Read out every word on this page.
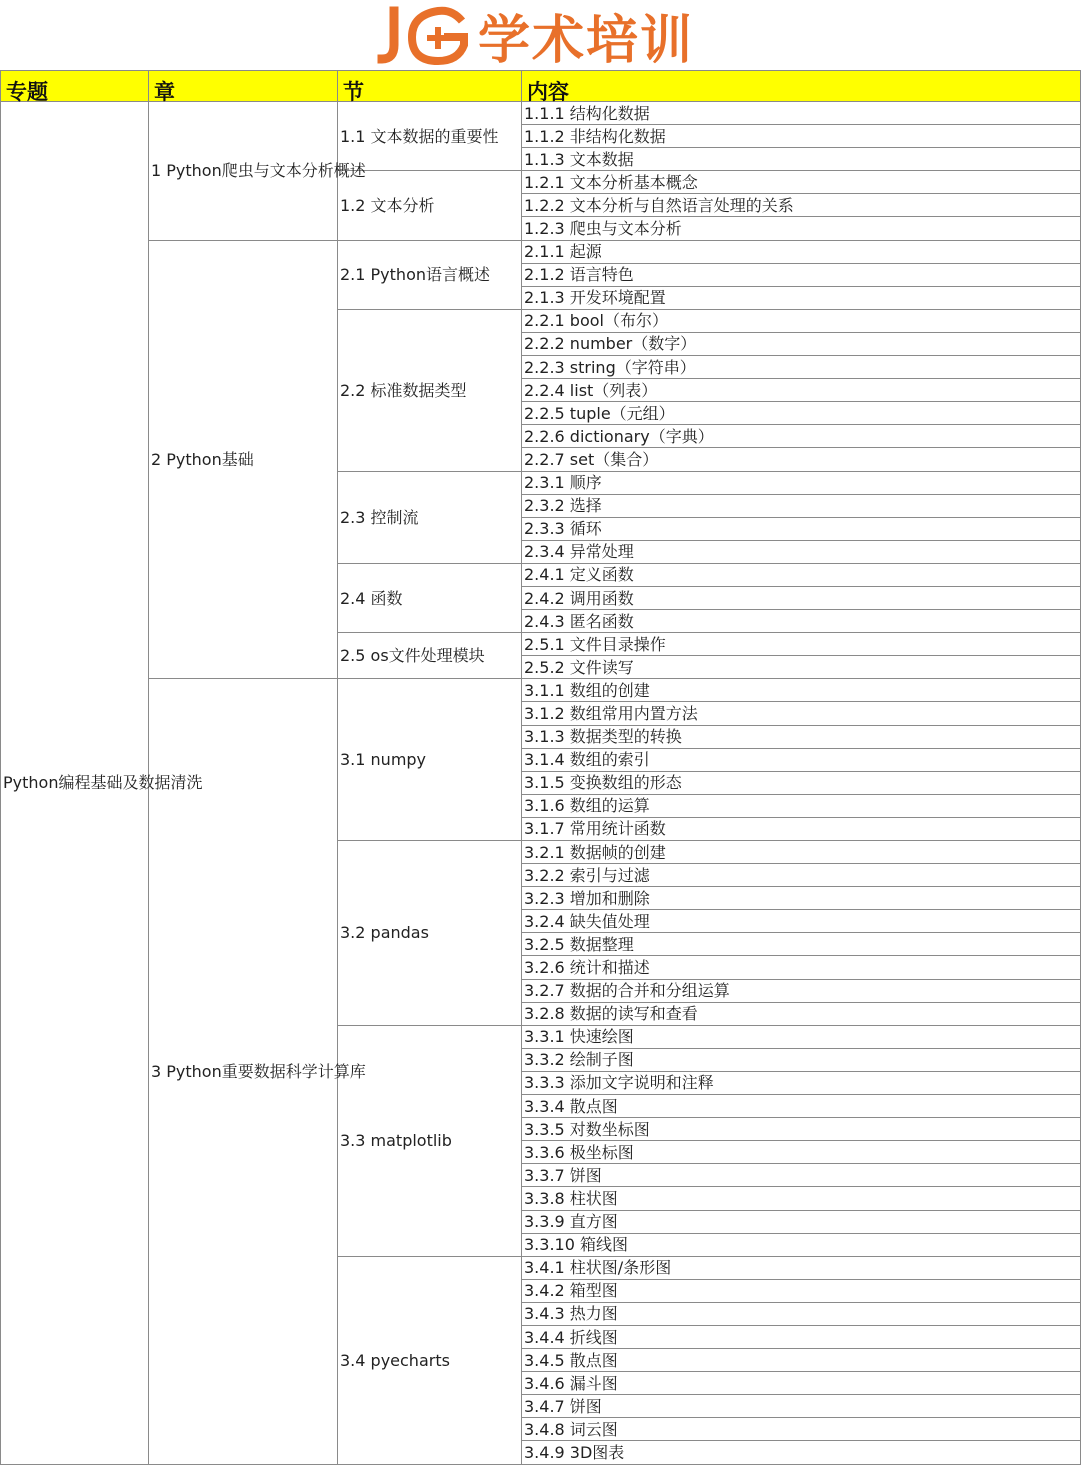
学术培训
专题	章	节	内容
Python编程基础及数据清洗	1 Python爬虫与文本分析概述	1.1 文本数据的重要性	1.1.1 结构化数据
			1.1.2 非结构化数据
			1.1.3 文本数据
		1.2 文本分析	1.2.1 文本分析基本概念
			1.2.2 文本分析与自然语言处理的关系
			1.2.3 爬虫与文本分析
	2 Python基础	2.1 Python语言概述	2.1.1 起源
			2.1.2 语言特色
			2.1.3 开发环境配置
		2.2 标准数据类型	2.2.1 bool（布尔）
			2.2.2 number（数字）
			2.2.3 string（字符串）
			2.2.4 list（列表）
			2.2.5 tuple（元组）
			2.2.6 dictionary（字典）
			2.2.7 set（集合）
		2.3 控制流	2.3.1 顺序
			2.3.2 选择
			2.3.3 循环
			2.3.4 异常处理
		2.4 函数	2.4.1 定义函数
			2.4.2 调用函数
			2.4.3 匿名函数
		2.5 os文件处理模块	2.5.1 文件目录操作
			2.5.2 文件读写
	3 Python重要数据科学计算库	3.1 numpy	3.1.1 数组的创建
			3.1.2 数组常用内置方法
			3.1.3 数据类型的转换
			3.1.4 数组的索引
			3.1.5 变换数组的形态
			3.1.6 数组的运算
			3.1.7 常用统计函数
		3.2 pandas	3.2.1 数据帧的创建
			3.2.2 索引与过滤
			3.2.3 增加和删除
			3.2.4 缺失值处理
			3.2.5 数据整理
			3.2.6 统计和描述
			3.2.7 数据的合并和分组运算
			3.2.8 数据的读写和查看
		3.3 matplotlib	3.3.1 快速绘图
			3.3.2 绘制子图
			3.3.3 添加文字说明和注释
			3.3.4 散点图
			3.3.5 对数坐标图
			3.3.6 极坐标图
			3.3.7 饼图
			3.3.8 柱状图
			3.3.9 直方图
			3.3.10 箱线图
		3.4 pyecharts	3.4.1 柱状图/条形图
			3.4.2 箱型图
			3.4.3 热力图
			3.4.4 折线图
			3.4.5 散点图
			3.4.6 漏斗图
			3.4.7 饼图
			3.4.8 词云图
			3.4.9 3D图表
